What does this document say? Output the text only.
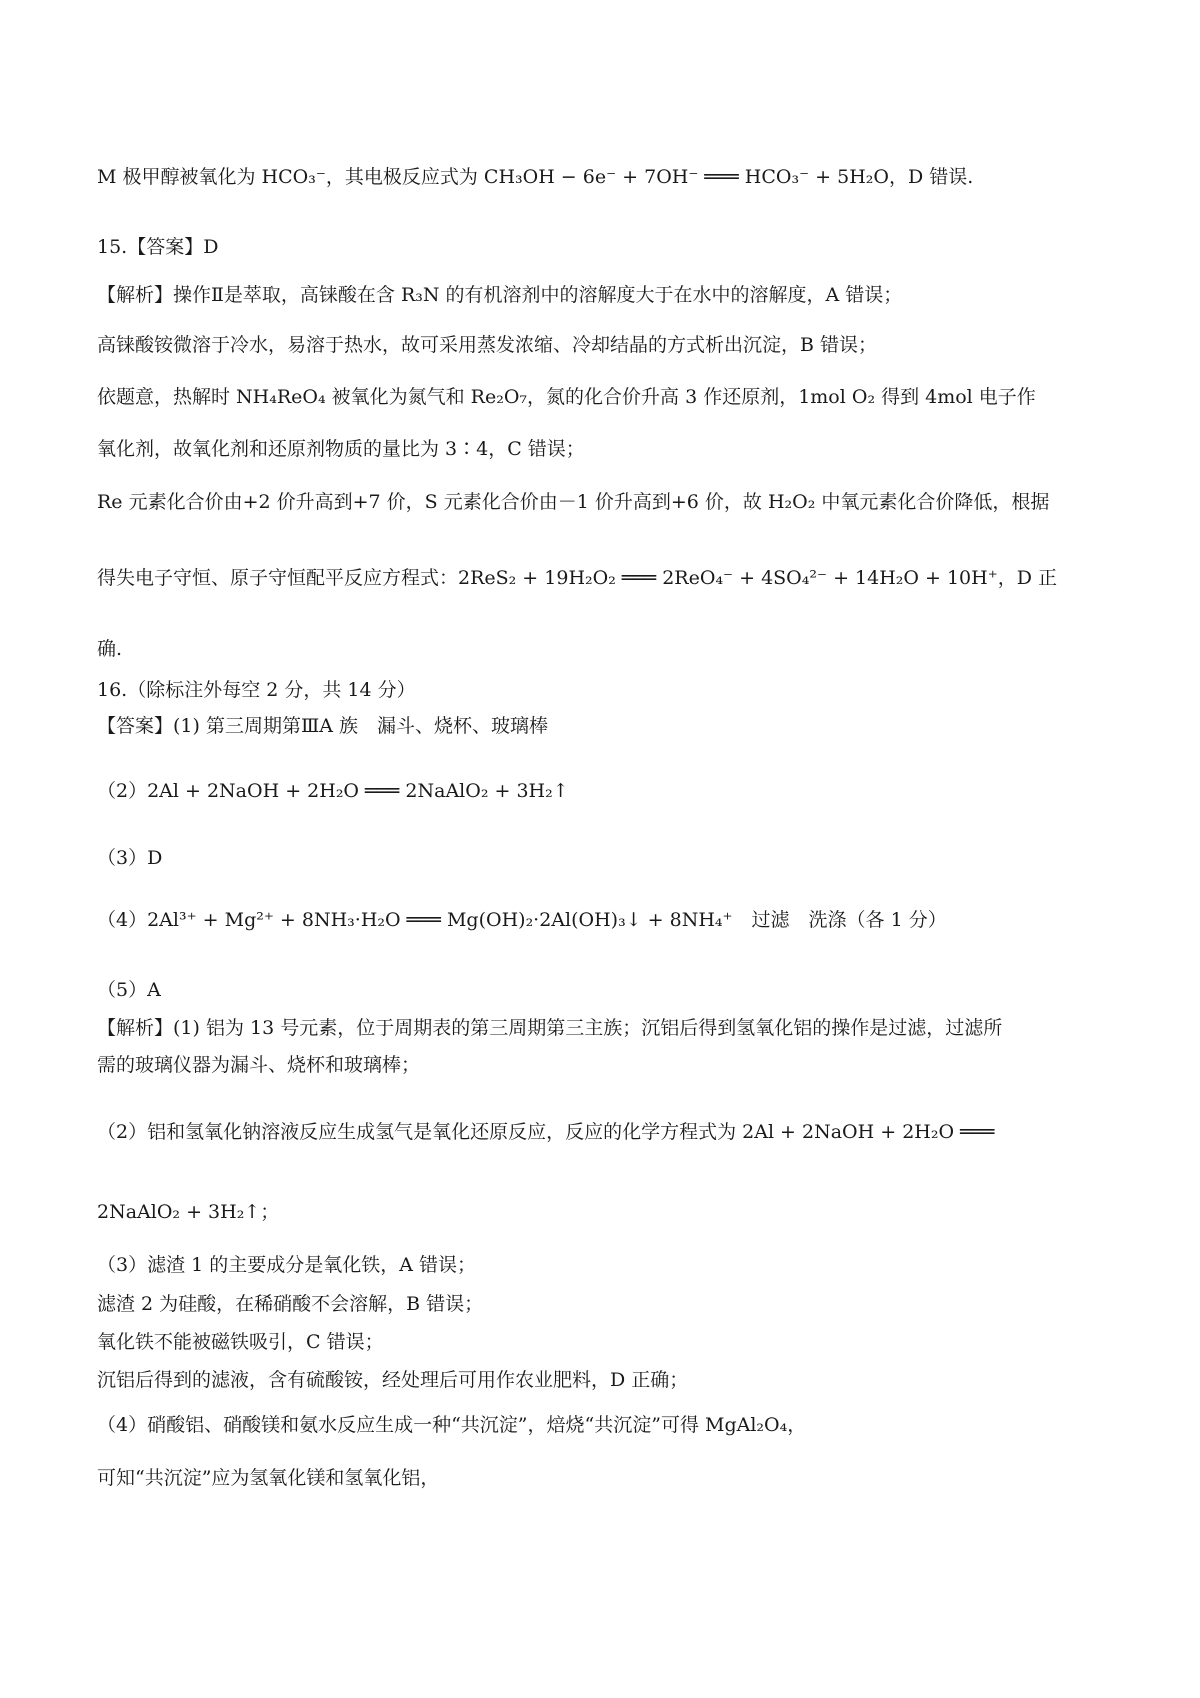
M 极甲醇被氧化为 HCO₃⁻，其电极反应式为 CH₃OH − 6e⁻ + 7OH⁻ ═══ HCO₃⁻ + 5H₂O，D 错误.
15.【答案】D
【解析】操作Ⅱ是萃取，高铼酸在含 R₃N 的有机溶剂中的溶解度大于在水中的溶解度，A 错误；
高铼酸铵微溶于冷水，易溶于热水，故可采用蒸发浓缩、冷却结晶的方式析出沉淀，B 错误；
依题意，热解时 NH₄ReO₄ 被氧化为氮气和 Re₂O₇，氮的化合价升高 3 作还原剂，1mol O₂ 得到 4mol 电子作
氧化剂，故氧化剂和还原剂物质的量比为 3∶4，C 错误；
Re 元素化合价由+2 价升高到+7 价，S 元素化合价由－1 价升高到+6 价，故 H₂O₂ 中氧元素化合价降低，根据
得失电子守恒、原子守恒配平反应方程式：2ReS₂ + 19H₂O₂ ═══ 2ReO₄⁻ + 4SO₄²⁻ + 14H₂O + 10H⁺，D 正
确.
16.（除标注外每空 2 分，共 14 分）
【答案】(1) 第三周期第ⅢA 族　漏斗、烧杯、玻璃棒
（2）2Al + 2NaOH + 2H₂O ═══ 2NaAlO₂ + 3H₂↑
（3）D
（4）2Al³⁺ + Mg²⁺ + 8NH₃·H₂O ═══ Mg(OH)₂·2Al(OH)₃↓ + 8NH₄⁺　过滤　洗涤（各 1 分）
（5）A
【解析】(1) 铝为 13 号元素，位于周期表的第三周期第三主族；沉铝后得到氢氧化铝的操作是过滤，过滤所
需的玻璃仪器为漏斗、烧杯和玻璃棒；
（2）铝和氢氧化钠溶液反应生成氢气是氧化还原反应，反应的化学方程式为 2Al + 2NaOH + 2H₂O ═══
2NaAlO₂ + 3H₂↑；
（3）滤渣 1 的主要成分是氧化铁，A 错误；
滤渣 2 为硅酸，在稀硝酸不会溶解，B 错误；
氧化铁不能被磁铁吸引，C 错误；
沉铝后得到的滤液，含有硫酸铵，经处理后可用作农业肥料，D 正确；
（4）硝酸铝、硝酸镁和氨水反应生成一种“共沉淀”，焙烧“共沉淀”可得 MgAl₂O₄，
可知“共沉淀”应为氢氧化镁和氢氧化铝，
